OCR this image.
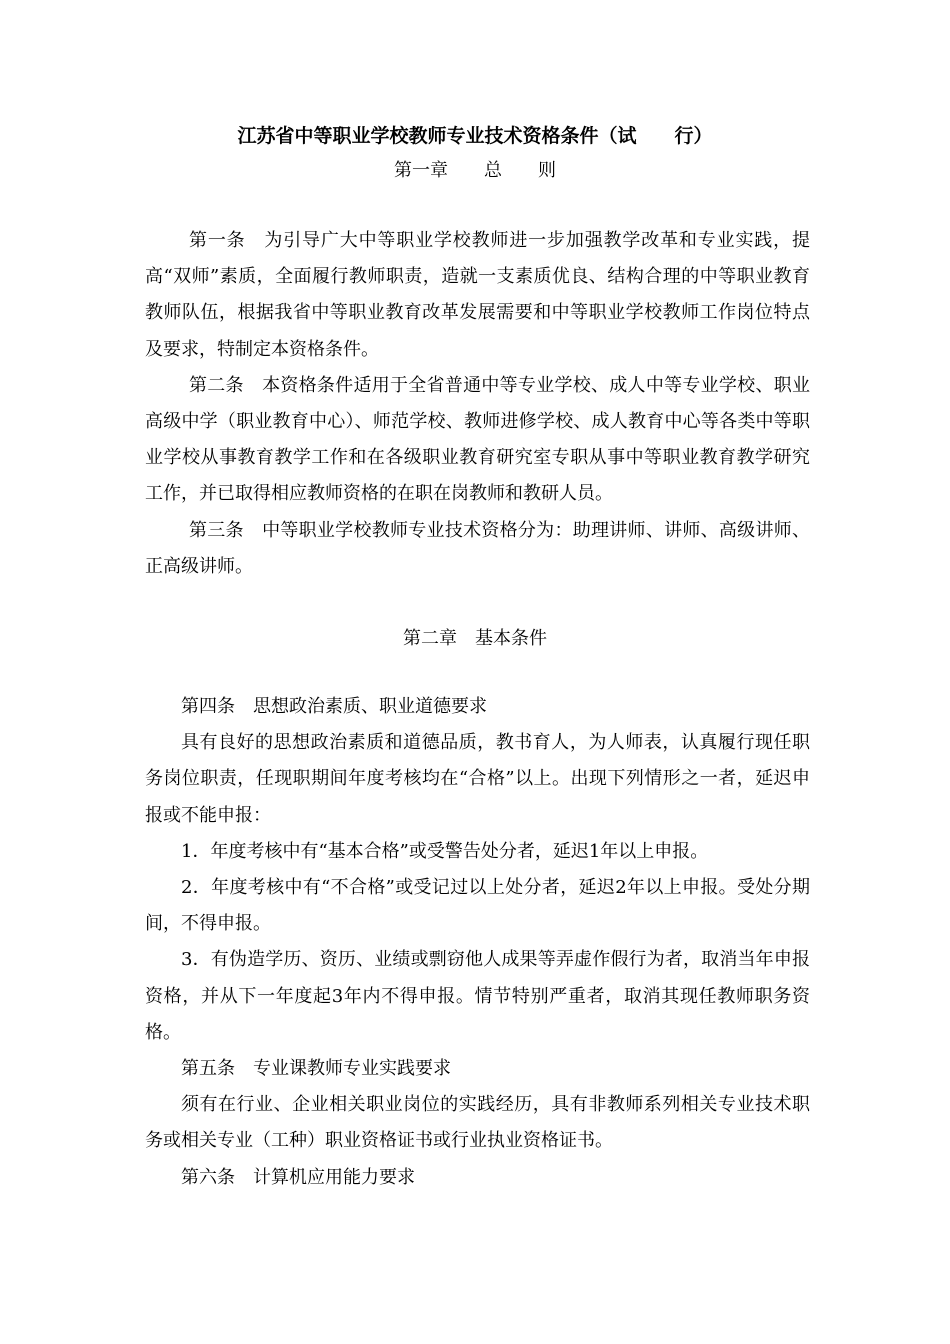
江苏省中等职业学校教师专业技术资格条件（试　　行）
第一章　　总　　则

第一条　为引导广大中等职业学校教师进一步加强教学改革和专业实践，提高“双师”素质，全面履行教师职责，造就一支素质优良、结构合理的中等职业教育教师队伍，根据我省中等职业教育改革发展需要和中等职业学校教师工作岗位特点及要求，特制定本资格条件。

第二条　本资格条件适用于全省普通中等专业学校、成人中等专业学校、职业高级中学（职业教育中心）、师范学校、教师进修学校、成人教育中心等各类中等职业学校从事教育教学工作和在各级职业教育研究室专职从事中等职业教育教学研究工作，并已取得相应教师资格的在职在岗教师和教研人员。

第三条　中等职业学校教师专业技术资格分为：助理讲师、讲师、高级讲师、正高级讲师。

第二章　基本条件

第四条　思想政治素质、职业道德要求

具有良好的思想政治素质和道德品质，教书育人，为人师表，认真履行现任职务岗位职责，任现职期间年度考核均在“合格”以上。出现下列情形之一者，延迟申报或不能申报：

1．年度考核中有“基本合格”或受警告处分者，延迟1年以上申报。

2．年度考核中有“不合格”或受记过以上处分者，延迟2年以上申报。受处分期间，不得申报。

3．有伪造学历、资历、业绩或剽窃他人成果等弄虚作假行为者，取消当年申报资格，并从下一年度起3年内不得申报。情节特别严重者，取消其现任教师职务资格。

第五条　专业课教师专业实践要求

须有在行业、企业相关职业岗位的实践经历，具有非教师系列相关专业技术职务或相关专业（工种）职业资格证书或行业执业资格证书。

第六条　计算机应用能力要求
